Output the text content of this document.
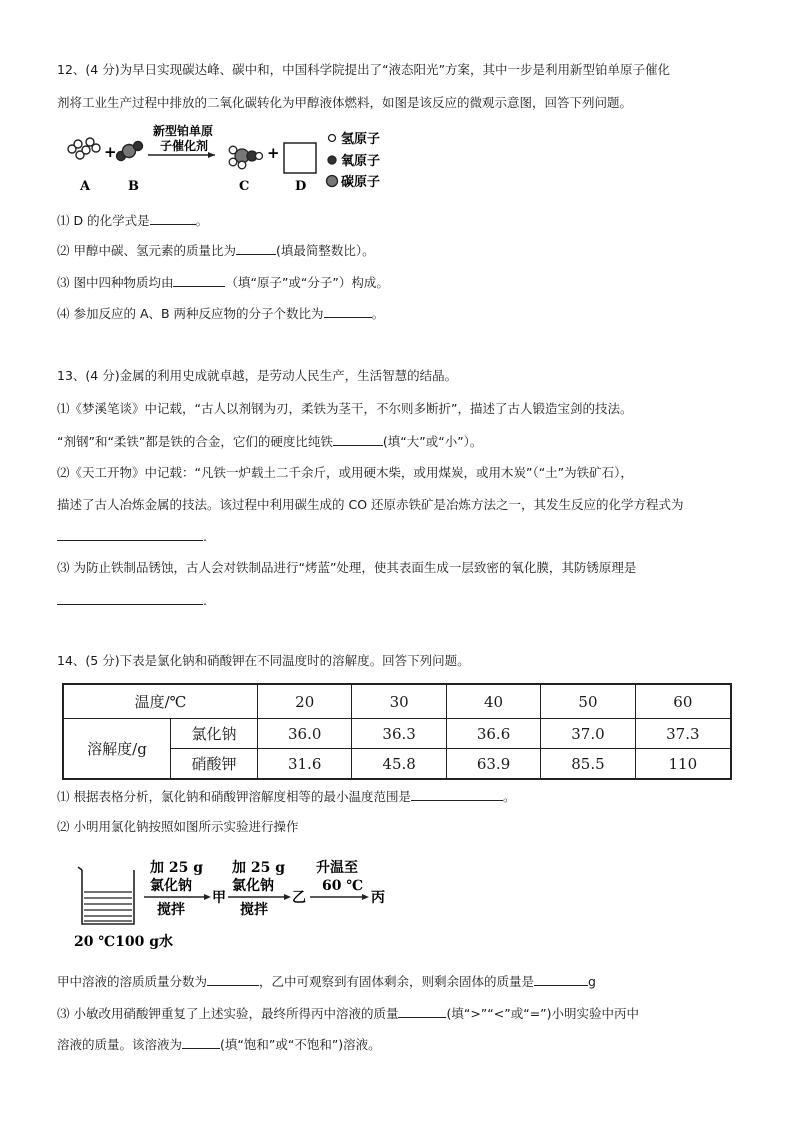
12、(4 分)为早日实现碳达峰、碳中和，中国科学院提出了“液态阳光”方案，其中一步是利用新型铂单原子催化
剂将工业生产过程中排放的二氧化碳转化为甲醇液体燃料，如图是该反应的微观示意图，回答下列问题。
+
新型铂单原
子催化剂	+
A	B	C	D
氢原子
氧原子
碳原子
⑴ D 的化学式是	。
⑵ 甲醇中碳、氢元素的质量比为	(填最简整数比）。
⑶ 图中四种物质均由	（填“原子”或“分子”）构成。
⑷ 参加反应的 A、B 两种反应物的分子个数比为	。
13、(4 分)金属的利用史成就卓越，是劳动人民生产，生活智慧的结晶。
⑴《梦溪笔谈》中记载，“古人以剂钢为刃，柔铁为茎干，不尔则多断折”，描述了古人锻造宝剑的技法。
“剂钢”和“柔铁”都是铁的合金，它们的硬度比纯铁	(填“大”或“小”）。
⑵《天工开物》中记载：“凡铁一炉载土二千余斤，或用硬木柴，或用煤炭，或用木炭”（“土”为铁矿石），
描述了古人冶炼金属的技法。该过程中利用碳生成的 CO 还原赤铁矿是冶炼方法之一，其发生反应的化学方程式为
.
⑶ 为防止铁制品锈蚀，古人会对铁制品进行“烤蓝”处理，使其表面生成一层致密的氧化膜，其防锈原理是
.
14、(5 分)下表是氯化钠和硝酸钾在不同温度时的溶解度。回答下列问题。
温度/℃		20	30	40	50	60
溶解度/g	氯化钠	36.0	36.3	36.6	37.0	37.3
	硝酸钾	31.6	45.8	63.9	85.5	110
⑴ 根据表格分析，氯化钠和硝酸钾溶解度相等的最小温度范围是	。
⑵ 小明用氯化钠按照如图所示实验进行操作
加 25 g
氯化钠
搅拌
甲
加 25 g
氯化钠
搅拌
乙
升温至
60 ℃
丙
20 ℃100 g水
甲中溶液的溶质质量分数为	，乙中可观察到有固体剩余，则剩余固体的质量是	g
⑶ 小敏改用硝酸钾重复了上述实验，最终所得丙中溶液的质量	(填“>”“<”或“=”)小明实验中丙中
溶液的质量。该溶液为	(填“饱和”或“不饱和”)溶液。
